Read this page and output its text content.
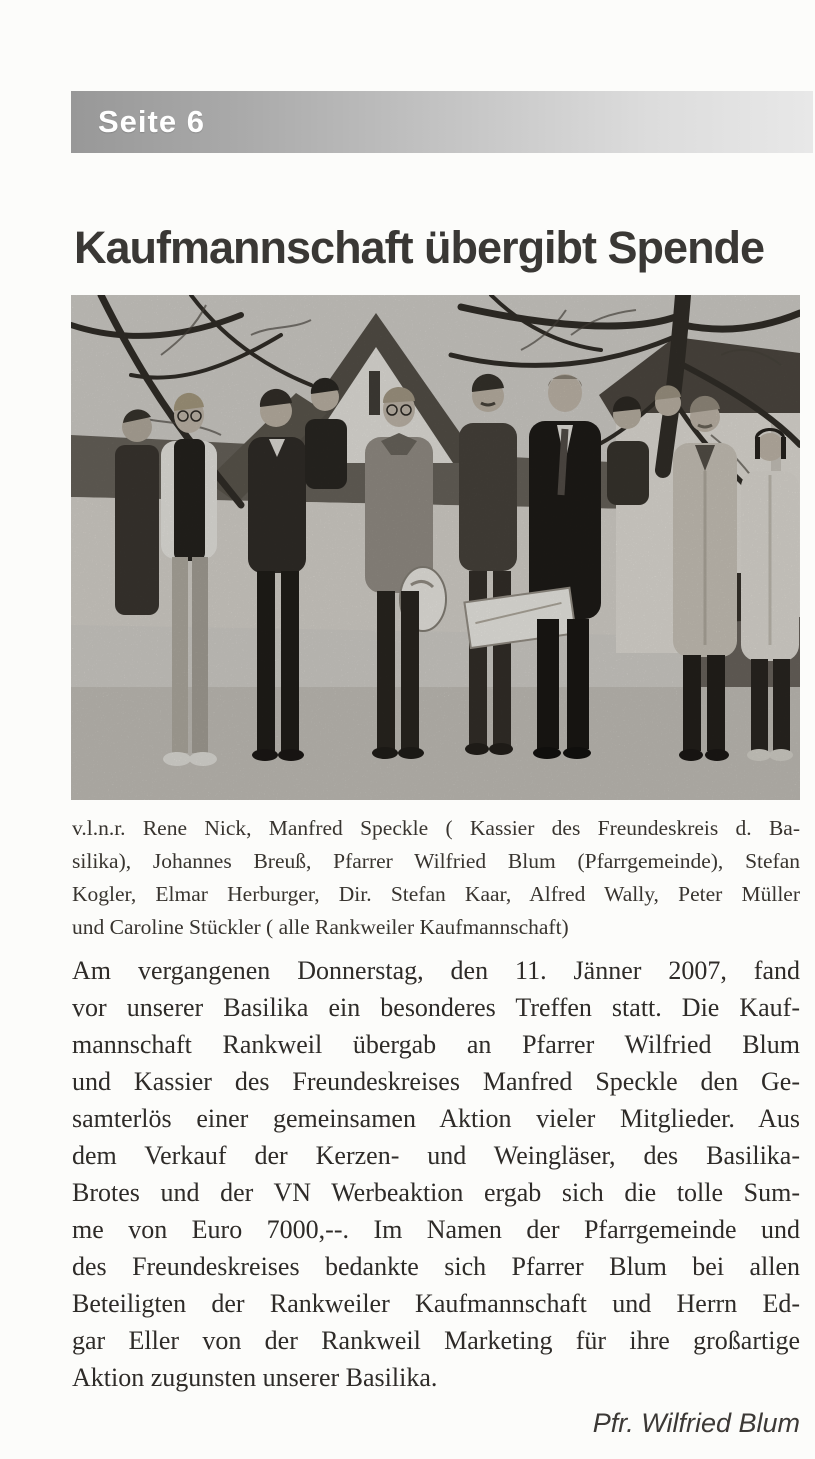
Seite 6
Kaufmannschaft übergibt Spende
v.l.n.r. Rene Nick, Manfred Speckle ( Kassier des Freundeskreis d. Ba-
silika), Johannes Breuß, Pfarrer Wilfried Blum (Pfarrgemeinde), Stefan
Kogler, Elmar Herburger, Dir. Stefan Kaar, Alfred Wally, Peter Müller
und Caroline Stückler ( alle Rankweiler Kaufmannschaft)
Am vergangenen Donnerstag, den 11. Jänner 2007, fand
vor unserer Basilika ein besonderes Treffen statt. Die Kauf-
mannschaft Rankweil übergab an Pfarrer Wilfried Blum
und Kassier des Freundeskreises Manfred Speckle den Ge-
samterlös einer gemeinsamen Aktion vieler Mitglieder. Aus
dem Verkauf der Kerzen- und Weingläser, des Basilika-
Brotes und der VN Werbeaktion ergab sich die tolle Sum-
me von Euro 7000,--. Im Namen der Pfarrgemeinde und
des Freundeskreises bedankte sich Pfarrer Blum bei allen
Beteiligten der Rankweiler Kaufmannschaft und Herrn Ed-
gar Eller von der Rankweil Marketing für ihre großartige
Aktion zugunsten unserer Basilika.
Pfr. Wilfried Blum
